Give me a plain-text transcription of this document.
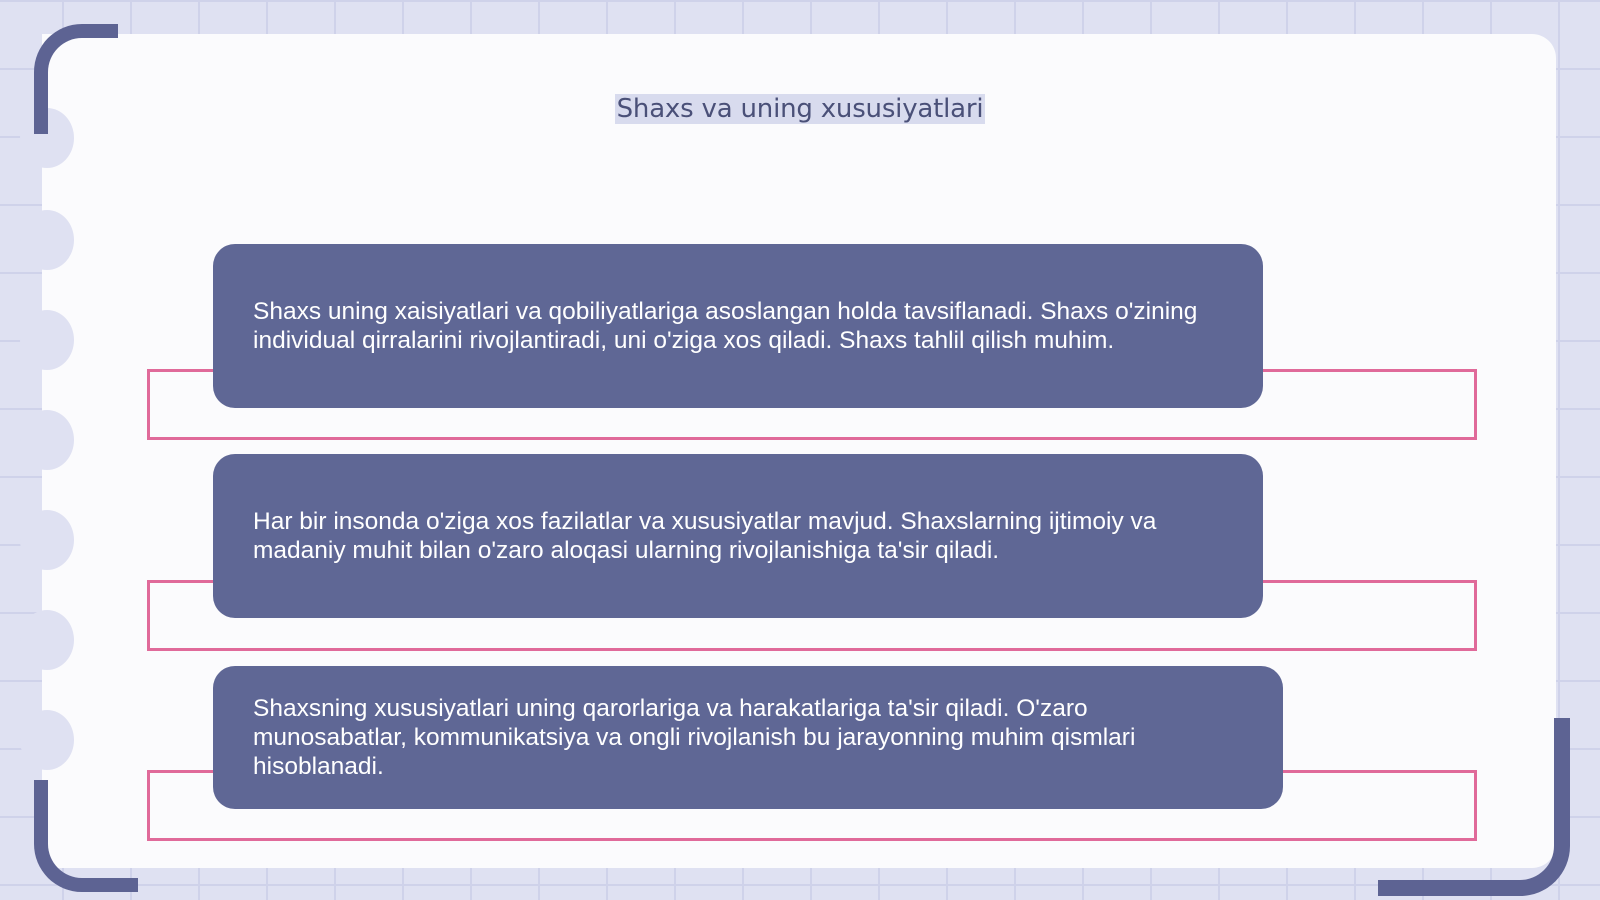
Shaxs va uning xususiyatlari

Shaxs uning xaisiyatlari va qobiliyatlariga asoslangan holda tavsiflanadi. Shaxs o'zining individual qirralarini rivojlantiradi, uni o'ziga xos qiladi. Shaxs tahlil qilish muhim.

Har bir insonda o'ziga xos fazilatlar va xususiyatlar mavjud. Shaxslarning ijtimoiy va madaniy muhit bilan o'zaro aloqasi ularning rivojlanishiga ta'sir qiladi.

Shaxsning xususiyatlari uning qarorlariga va harakatlariga ta'sir qiladi. O'zaro munosabatlar, kommunikatsiya va ongli rivojlanish bu jarayonning muhim qismlari hisoblanadi.
